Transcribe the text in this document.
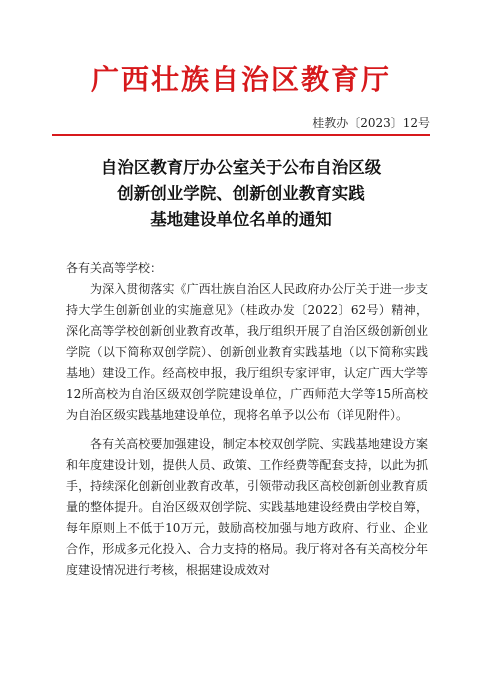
广西壮族自治区教育厅
桂教办〔2023〕12号
自治区教育厅办公室关于公布自治区级
创新创业学院、创新创业教育实践
基地建设单位名单的通知

各有关高等学校：

为深入贯彻落实《广西壮族自治区人民政府办公厅关于进一步支持大学生创新创业的实施意见》（桂政办发〔2022〕62号）精神，深化高等学校创新创业教育改革，我厅组织开展了自治区级创新创业学院（以下简称双创学院）、创新创业教育实践基地（以下简称实践基地）建设工作。经高校申报，我厅组织专家评审，认定广西大学等12所高校为自治区级双创学院建设单位，广西师范大学等15所高校为自治区级实践基地建设单位，现将名单予以公布（详见附件）。

各有关高校要加强建设，制定本校双创学院、实践基地建设方案和年度建设计划，提供人员、政策、工作经费等配套支持，以此为抓手，持续深化创新创业教育改革，引领带动我区高校创新创业教育质量的整体提升。自治区级双创学院、实践基地建设经费由学校自筹，每年原则上不低于10万元，鼓励高校加强与地方政府、行业、企业合作，形成多元化投入、合力支持的格局。我厅将对各有关高校分年度建设情况进行考核，根据建设成效对
